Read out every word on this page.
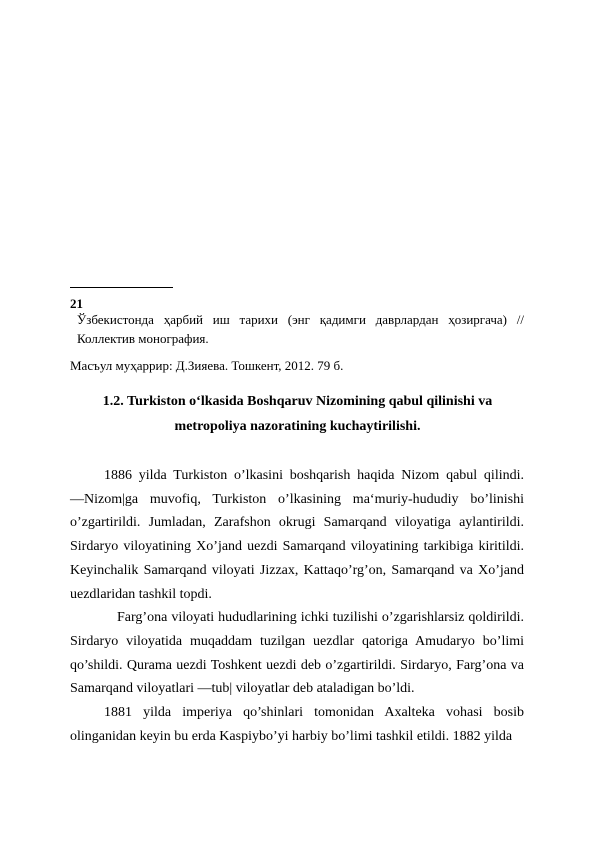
21
Ўзбекистонда ҳарбий иш тарихи (энг қадимги даврлардан ҳозиргача) //
Коллектив монография.
Масъул муҳаррир: Д.Зияева. Тошкент, 2012. 79 б.
1.2. Turkiston o‘lkasida Boshqaruv Nizomining qabul qilinishi va
metropoliya nazoratining kuchaytirilishi.

1886 yilda Turkiston o’lkasini boshqarish haqida Nizom qabul qilindi. ―Nizom|ga muvofiq, Turkiston o’lkasining ma‘muriy-hududiy bo’linishi o’zgartirildi. Jumladan, Zarafshon okrugi Samarqand viloyatiga aylantirildi. Sirdaryo viloyatining Xo’jand uezdi Samarqand viloyatining tarkibiga kiritildi. Keyinchalik Samarqand viloyati Jizzax, Kattaqo’rg’on, Samarqand va Xo’jand uezdlaridan tashkil topdi.

Farg’ona viloyati hududlarining ichki tuzilishi o’zgarishlarsiz qoldirildi. Sirdaryo viloyatida muqaddam tuzilgan uezdlar qatoriga Amudaryo bo’limi qo’shildi. Qurama uezdi Toshkent uezdi deb o’zgartirildi. Sirdaryo, Farg’ona va Samarqand viloyatlari ―tub| viloyatlar deb ataladigan bo’ldi.

1881 yilda imperiya qo’shinlari tomonidan Axalteka vohasi bosib olinganidan keyin bu erda Kaspiybo’yi harbiy bo’limi tashkil etildi. 1882 yilda
